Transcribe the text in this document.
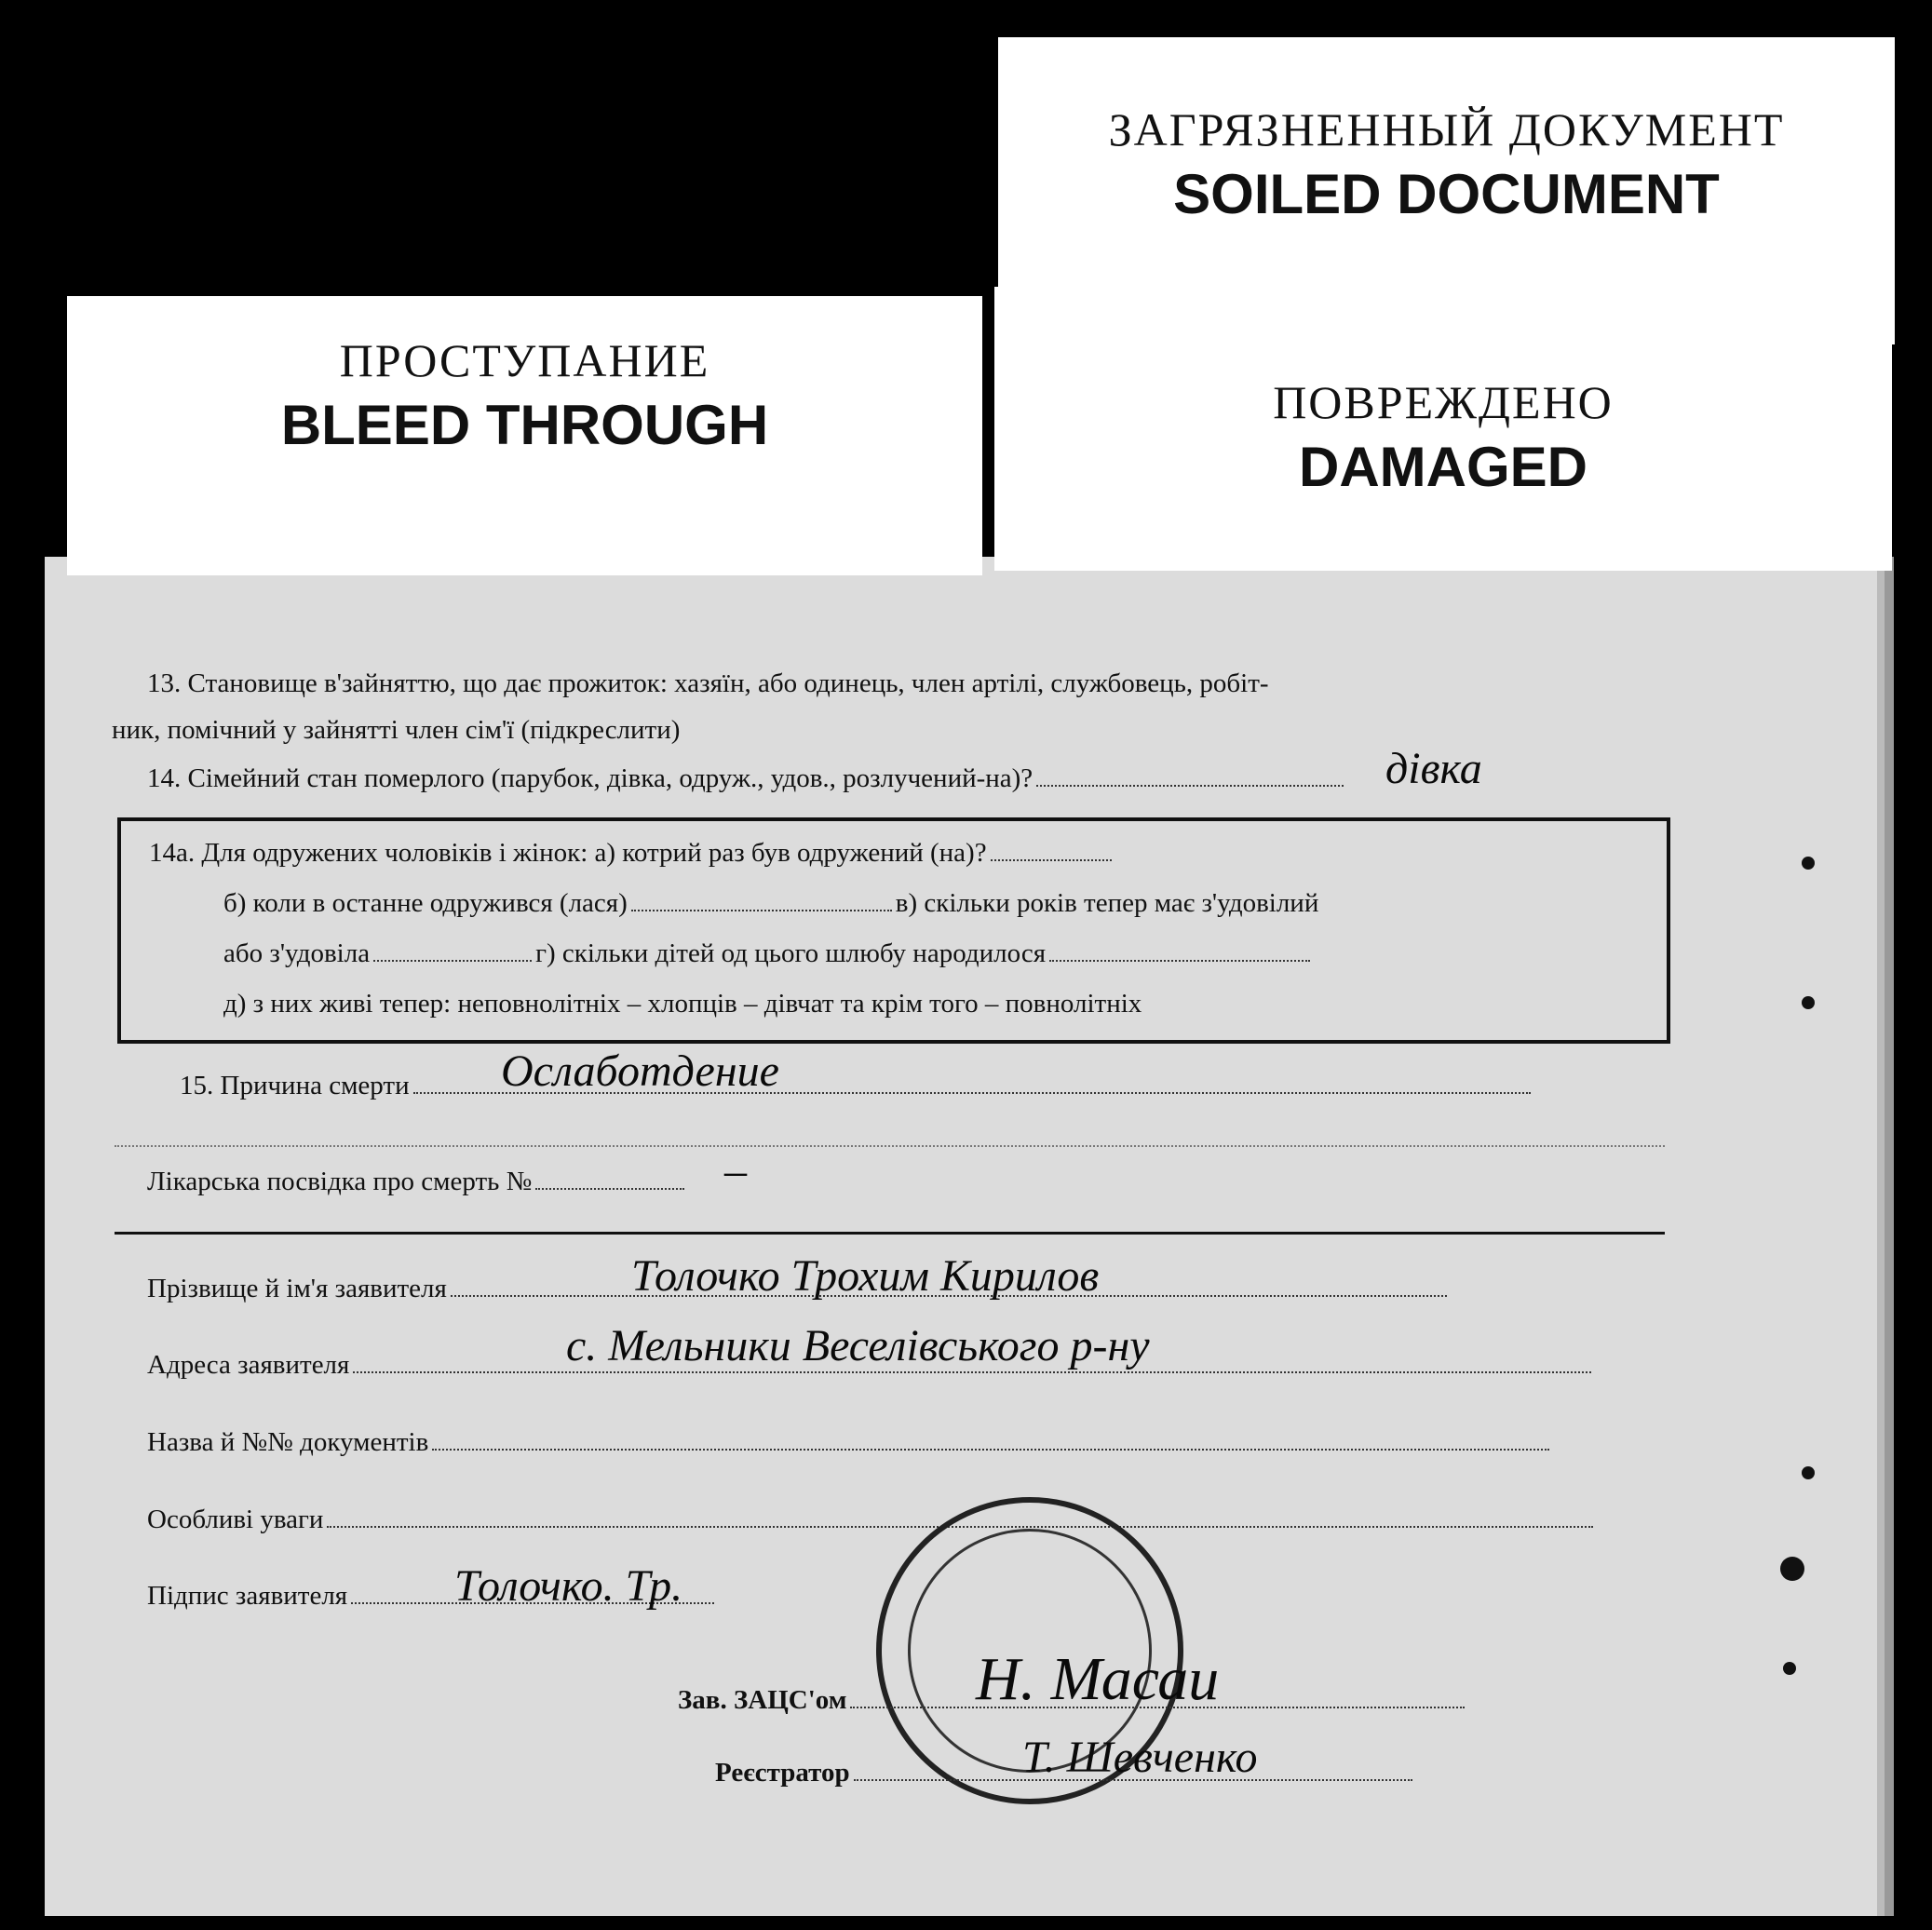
ЗАГРЯЗНЕННЫЙ ДОКУМЕНТ
SOILED DOCUMENT
13. Становище в'зайняттю, що дає прожиток: хазяїн, або одинець, член артілі, службовець, робіт-
ник, помічний у зайнятті член сім'ї (підкреслити)
14. Сімейний стан померлого (парубок, дівка, одруж., удов., розлучений-на)?	дівка
14а. Для одружених чоловіків і жінок: а) котрий раз був одружений (на)?
б) коли в останне одружився (лася)	в) скільки років тепер має з'удовілий
або з'удовіла	г) скільки дітей од цього шлюбу народилося
д) з них живі тепер: неповнолітніх – хлопців – дівчат та крім того – повнолітніх
15. Причина смерти	Ослаботдение
Лікарська посвідка про смерть №	–
Прізвище й ім'я заявителя	Толочко Трохим Кирилов
Адреса заявителя	с. Мельники Веселівського р-ну
Назва й №№ документів
Особливі уваги
Підпис заявителя	Толочко. Тр.
Зав. ЗАЦС'ом	Н. Масаи
Реєстратор	Т. Шевченко
ПРОСТУПАНИЕ
BLEED THROUGH	ПОВРЕЖДЕНО
DAMAGED
